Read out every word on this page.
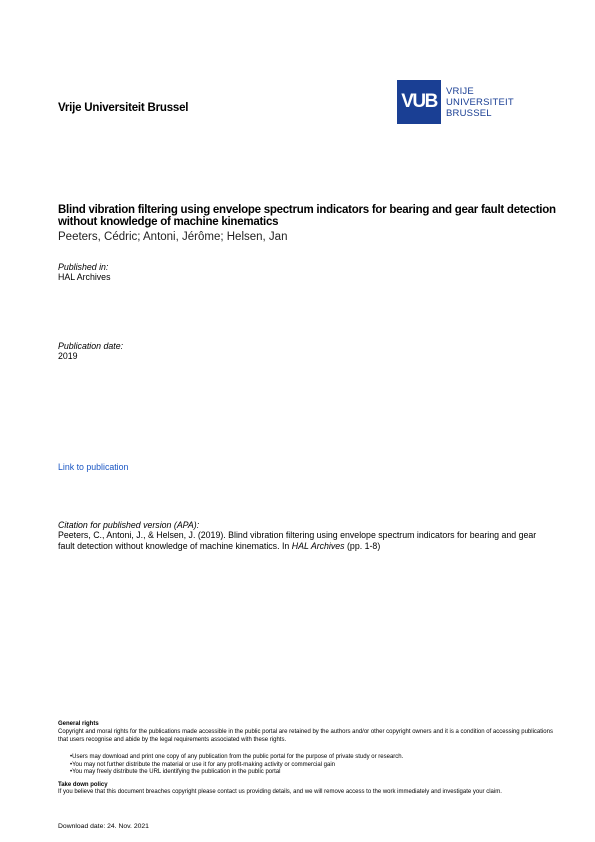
Vrije Universiteit Brussel	VUB VRIJE
UNIVERSITEIT
BRUSSEL
Blind vibration filtering using envelope spectrum indicators for bearing and gear fault detection without knowledge of machine kinematics
Peeters, Cédric; Antoni, Jérôme; Helsen, Jan
Published in:
HAL Archives
Publication date:
2019
Link to publication
Citation for published version (APA):
Peeters, C., Antoni, J., & Helsen, J. (2019). Blind vibration filtering using envelope spectrum indicators for bearing and gear fault detection without knowledge of machine kinematics. In HAL Archives (pp. 1-8)
General rights
Copyright and moral rights for the publications made accessible in the public portal are retained by the authors and/or other copyright owners and it is a condition of accessing publications that users recognise and abide by the legal requirements associated with these rights.
• Users may download and print one copy of any publication from the public portal for the purpose of private study or research.
• You may not further distribute the material or use it for any profit-making activity or commercial gain
• You may freely distribute the URL identifying the publication in the public portal
Take down policy
If you believe that this document breaches copyright please contact us providing details, and we will remove access to the work immediately and investigate your claim.
Download date: 24. Nov. 2021
